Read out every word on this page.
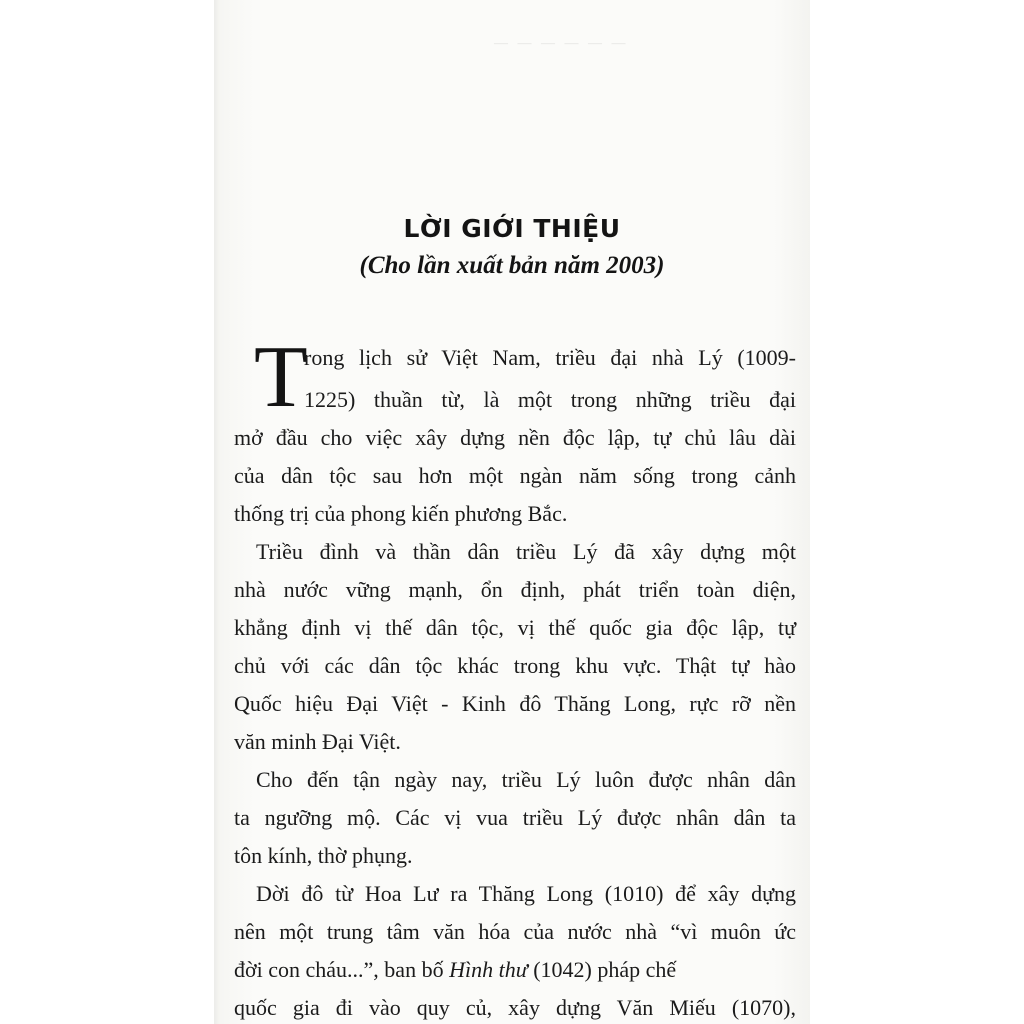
— — — — — —
LỜI GIỚI THIỆU
(Cho lần xuất bản năm 2003)
T
rong lịch sử Việt Nam, triều đại nhà Lý (1009-
1225) thuần từ, là một trong những triều đại
mở đầu cho việc xây dựng nền độc lập, tự chủ lâu dài
của dân tộc sau hơn một ngàn năm sống trong cảnh
thống trị của phong kiến phương Bắc.
Triều đình và thần dân triều Lý đã xây dựng một
nhà nước vững mạnh, ổn định, phát triển toàn diện,
khẳng định vị thế dân tộc, vị thế quốc gia độc lập, tự
chủ với các dân tộc khác trong khu vực. Thật tự hào
Quốc hiệu Đại Việt - Kinh đô Thăng Long, rực rỡ nền
văn minh Đại Việt.
Cho đến tận ngày nay, triều Lý luôn được nhân dân
ta ngưỡng mộ. Các vị vua triều Lý được nhân dân ta
tôn kính, thờ phụng.
Dời đô từ Hoa Lư ra Thăng Long (1010) để xây dựng
nên một trung tâm văn hóa của nước nhà “vì muôn ức
đời con cháu...”, ban bố Hình thư (1042) pháp chế
quốc gia đi vào quy củ, xây dựng Văn Miếu (1070),
